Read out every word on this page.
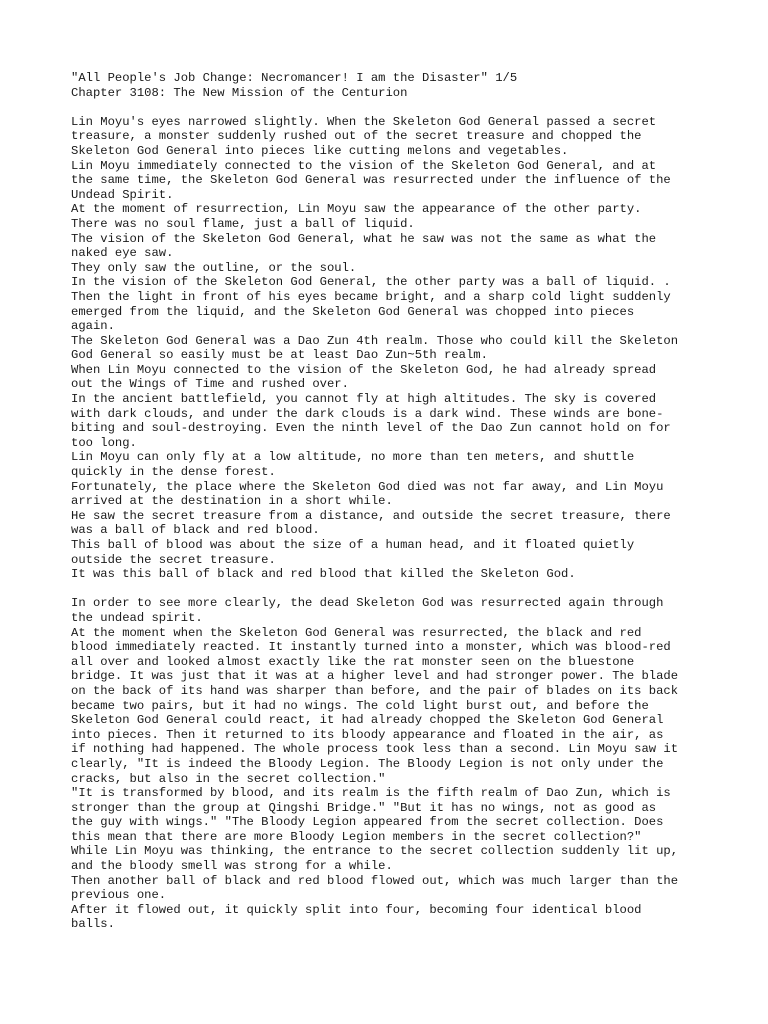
"All People's Job Change: Necromancer! I am the Disaster" 1/5
Chapter 3108: The New Mission of the Centurion
Lin Moyu's eyes narrowed slightly. When the Skeleton God General passed a secret
treasure, a monster suddenly rushed out of the secret treasure and chopped the
Skeleton God General into pieces like cutting melons and vegetables.
Lin Moyu immediately connected to the vision of the Skeleton God General, and at
the same time, the Skeleton God General was resurrected under the influence of the
Undead Spirit.
At the moment of resurrection, Lin Moyu saw the appearance of the other party.
There was no soul flame, just a ball of liquid.
The vision of the Skeleton God General, what he saw was not the same as what the
naked eye saw.
They only saw the outline, or the soul.
In the vision of the Skeleton God General, the other party was a ball of liquid. .
Then the light in front of his eyes became bright, and a sharp cold light suddenly
emerged from the liquid, and the Skeleton God General was chopped into pieces
again.
The Skeleton God General was a Dao Zun 4th realm. Those who could kill the Skeleton
God General so easily must be at least Dao Zun~5th realm.
When Lin Moyu connected to the vision of the Skeleton God, he had already spread
out the Wings of Time and rushed over.
In the ancient battlefield, you cannot fly at high altitudes. The sky is covered
with dark clouds, and under the dark clouds is a dark wind. These winds are bone-
biting and soul-destroying. Even the ninth level of the Dao Zun cannot hold on for
too long.
Lin Moyu can only fly at a low altitude, no more than ten meters, and shuttle
quickly in the dense forest.
Fortunately, the place where the Skeleton God died was not far away, and Lin Moyu
arrived at the destination in a short while.
He saw the secret treasure from a distance, and outside the secret treasure, there
was a ball of black and red blood.
This ball of blood was about the size of a human head, and it floated quietly
outside the secret treasure.
It was this ball of black and red blood that killed the Skeleton God.
In order to see more clearly, the dead Skeleton God was resurrected again through
the undead spirit.
At the moment when the Skeleton God General was resurrected, the black and red
blood immediately reacted. It instantly turned into a monster, which was blood-red
all over and looked almost exactly like the rat monster seen on the bluestone
bridge. It was just that it was at a higher level and had stronger power. The blade
on the back of its hand was sharper than before, and the pair of blades on its back
became two pairs, but it had no wings. The cold light burst out, and before the
Skeleton God General could react, it had already chopped the Skeleton God General
into pieces. Then it returned to its bloody appearance and floated in the air, as
if nothing had happened. The whole process took less than a second. Lin Moyu saw it
clearly, "It is indeed the Bloody Legion. The Bloody Legion is not only under the
cracks, but also in the secret collection."
"It is transformed by blood, and its realm is the fifth realm of Dao Zun, which is
stronger than the group at Qingshi Bridge." "But it has no wings, not as good as
the guy with wings." "The Bloody Legion appeared from the secret collection. Does
this mean that there are more Bloody Legion members in the secret collection?"
While Lin Moyu was thinking, the entrance to the secret collection suddenly lit up,
and the bloody smell was strong for a while.
Then another ball of black and red blood flowed out, which was much larger than the
previous one.
After it flowed out, it quickly split into four, becoming four identical blood
balls.
